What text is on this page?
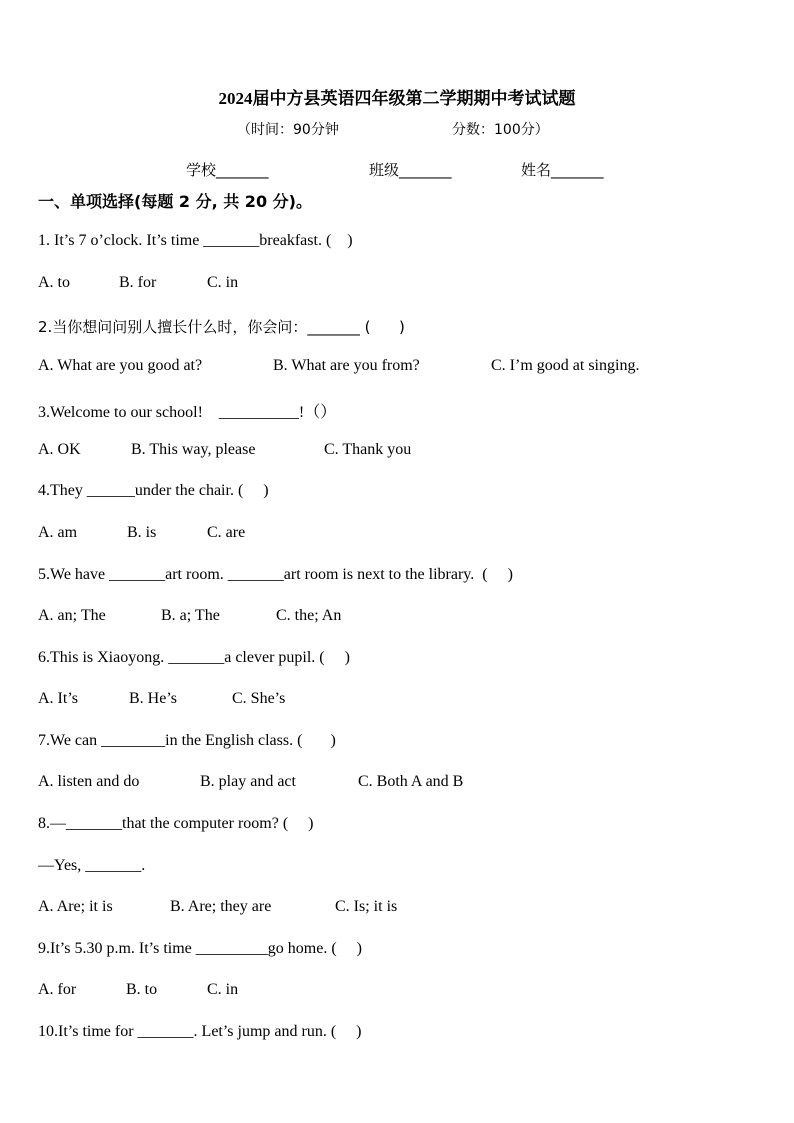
2024届中方县英语四年级第二学期期中考试试题
（时间：90分钟	分数：100分）
学校_______	班级_______	姓名_______
一、单项选择(每题 2 分, 共 20 分)。
1. It’s 7 o’clock. It’s time _______breakfast. (    )
A. to	B. for	C. in
2.当你想问问别人擅长什么时，你会问：_______ (      )
A. What are you good at?	B. What are you from?	C. I’m good at singing.
3.Welcome to our school!    __________!（）
A. OK	B. This way, please	C. Thank you
4.They ______under the chair. (     )
A. am	B. is	C. are
5.We have _______art room. _______art room is next to the library.  (     )
A. an; The	B. a; The	C. the; An
6.This is Xiaoyong. _______a clever pupil. (     )
A. It’s	B. He’s	C. She’s
7.We can ________in the English class. (       )
A. listen and do	B. play and act	C. Both A and B
8.—_______that the computer room? (     )
—Yes, _______.
A. Are; it is	B. Are; they are	C. Is; it is
9.It’s 5.30 p.m. It’s time _________go home. (     )
A. for	B. to	C. in
10.It’s time for _______. Let’s jump and run. (     )
